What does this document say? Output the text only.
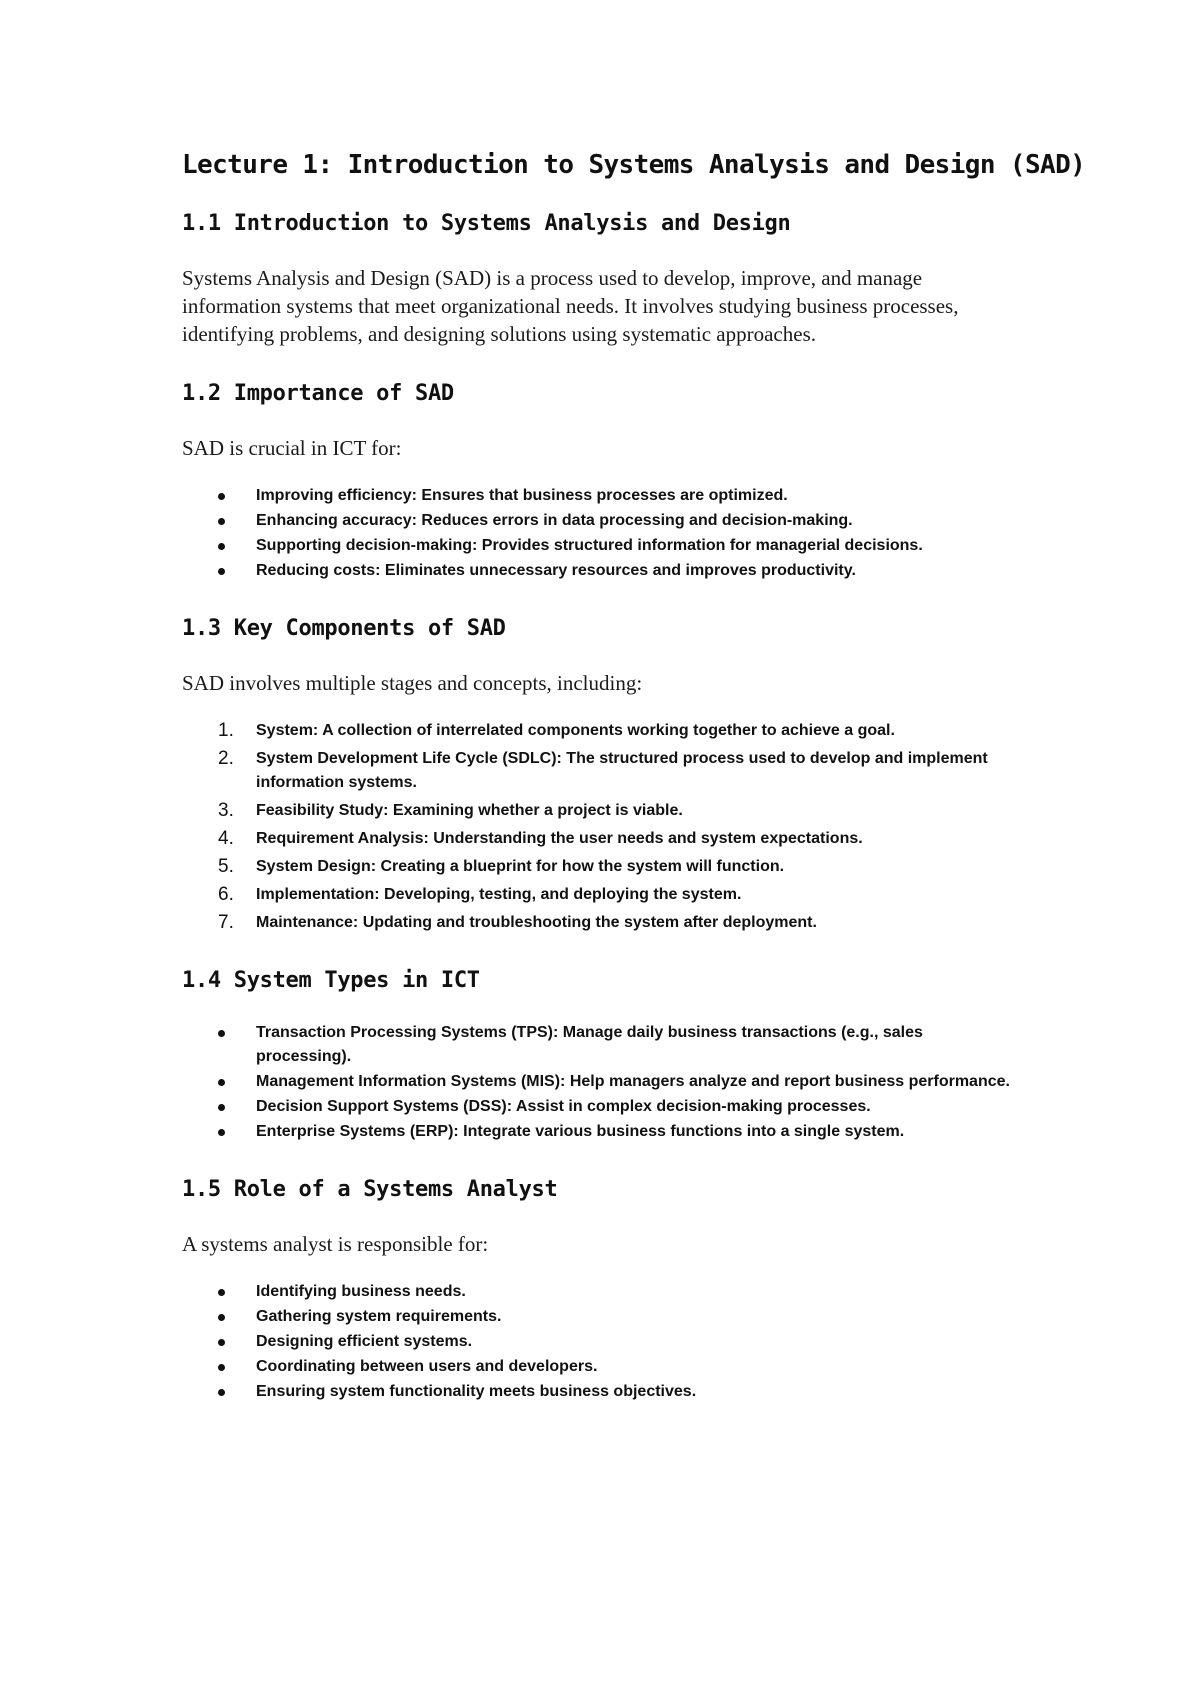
Lecture 1: Introduction to Systems Analysis and Design (SAD)
1.1 Introduction to Systems Analysis and Design

Systems Analysis and Design (SAD) is a process used to develop, improve, and manage information systems that meet organizational needs. It involves studying business processes, identifying problems, and designing solutions using systematic approaches.

1.2 Importance of SAD

SAD is crucial in ICT for:

Improving efficiency: Ensures that business processes are optimized.
Enhancing accuracy: Reduces errors in data processing and decision-making.
Supporting decision-making: Provides structured information for managerial decisions.
Reducing costs: Eliminates unnecessary resources and improves productivity.
1.3 Key Components of SAD

SAD involves multiple stages and concepts, including:

1. System: A collection of interrelated components working together to achieve a goal.
2. System Development Life Cycle (SDLC): The structured process used to develop and implement information systems.
3. Feasibility Study: Examining whether a project is viable.
4. Requirement Analysis: Understanding the user needs and system expectations.
5. System Design: Creating a blueprint for how the system will function.
6. Implementation: Developing, testing, and deploying the system.
7. Maintenance: Updating and troubleshooting the system after deployment.
1.4 System Types in ICT
Transaction Processing Systems (TPS): Manage daily business transactions (e.g., sales processing).
Management Information Systems (MIS): Help managers analyze and report business performance.
Decision Support Systems (DSS): Assist in complex decision-making processes.
Enterprise Systems (ERP): Integrate various business functions into a single system.
1.5 Role of a Systems Analyst

A systems analyst is responsible for:

Identifying business needs.
Gathering system requirements.
Designing efficient systems.
Coordinating between users and developers.
Ensuring system functionality meets business objectives.
